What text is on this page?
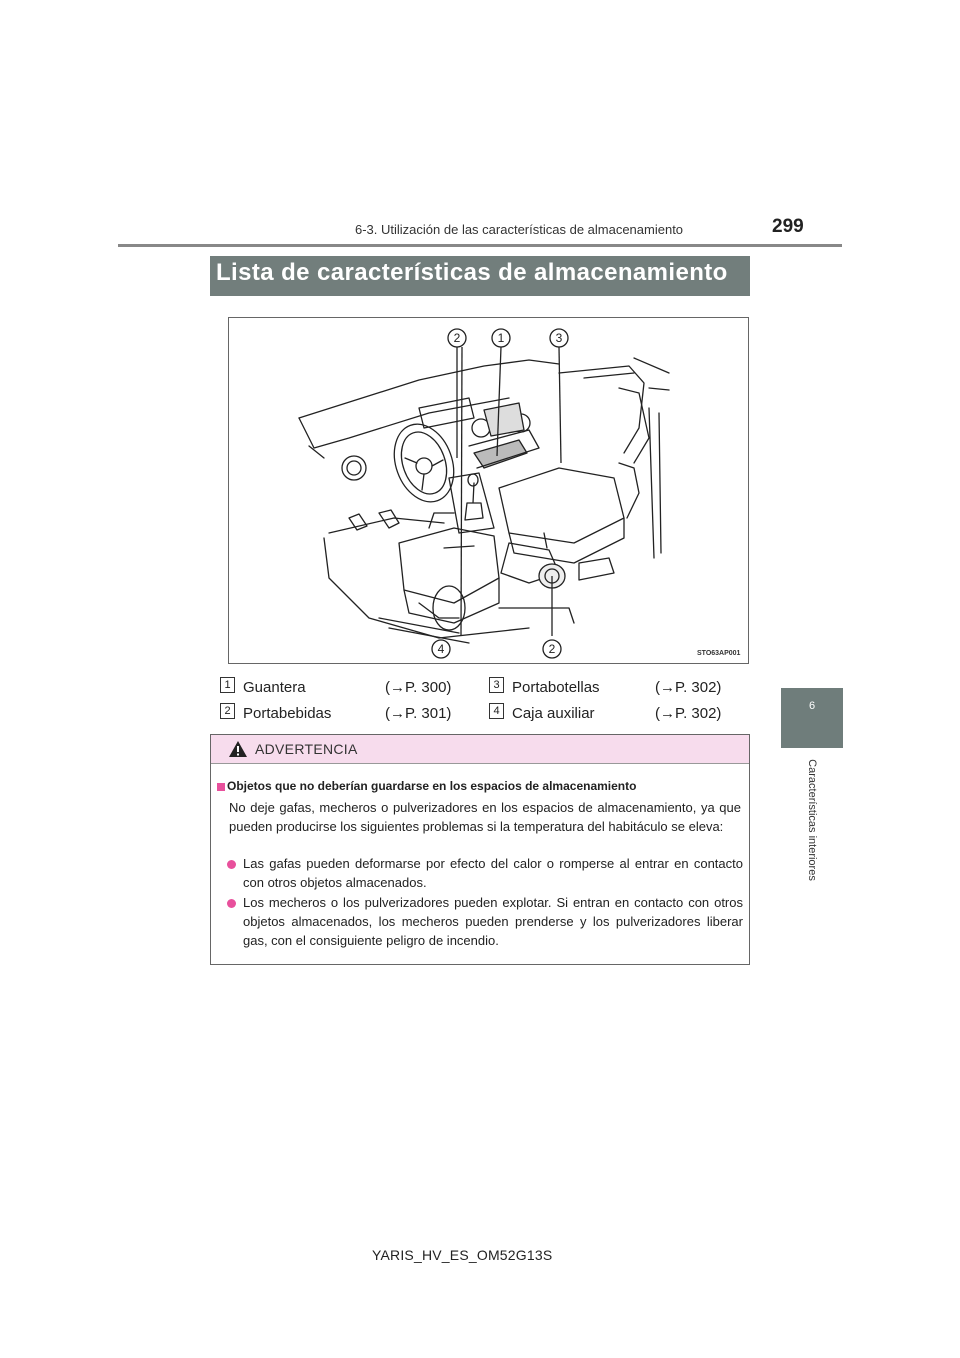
6-3. Utilización de las características de almacenamiento	299
6
Características interiores
Lista de características de almacenamiento
2	1	3
4	2	STO63AP001
1 Guantera	(→P. 300)	3 Portabotellas	(→P. 302)
2 Portabebidas	(→P. 301)	4 Caja auxiliar	(→P. 302)
ADVERTENCIA
Objetos que no deberían guardarse en los espacios de almacenamiento
No deje gafas, mecheros o pulverizadores en los espacios de almacenamiento, ya que pueden producirse los siguientes problemas si la temperatura del habitáculo se eleva:
Las gafas pueden deformarse por efecto del calor o romperse al entrar en contacto con otros objetos almacenados.
Los mecheros o los pulverizadores pueden explotar. Si entran en contacto con otros objetos almacenados, los mecheros pueden prenderse y los pulverizadores liberar gas, con el consiguiente peligro de incendio.
YARIS_HV_ES_OM52G13S
